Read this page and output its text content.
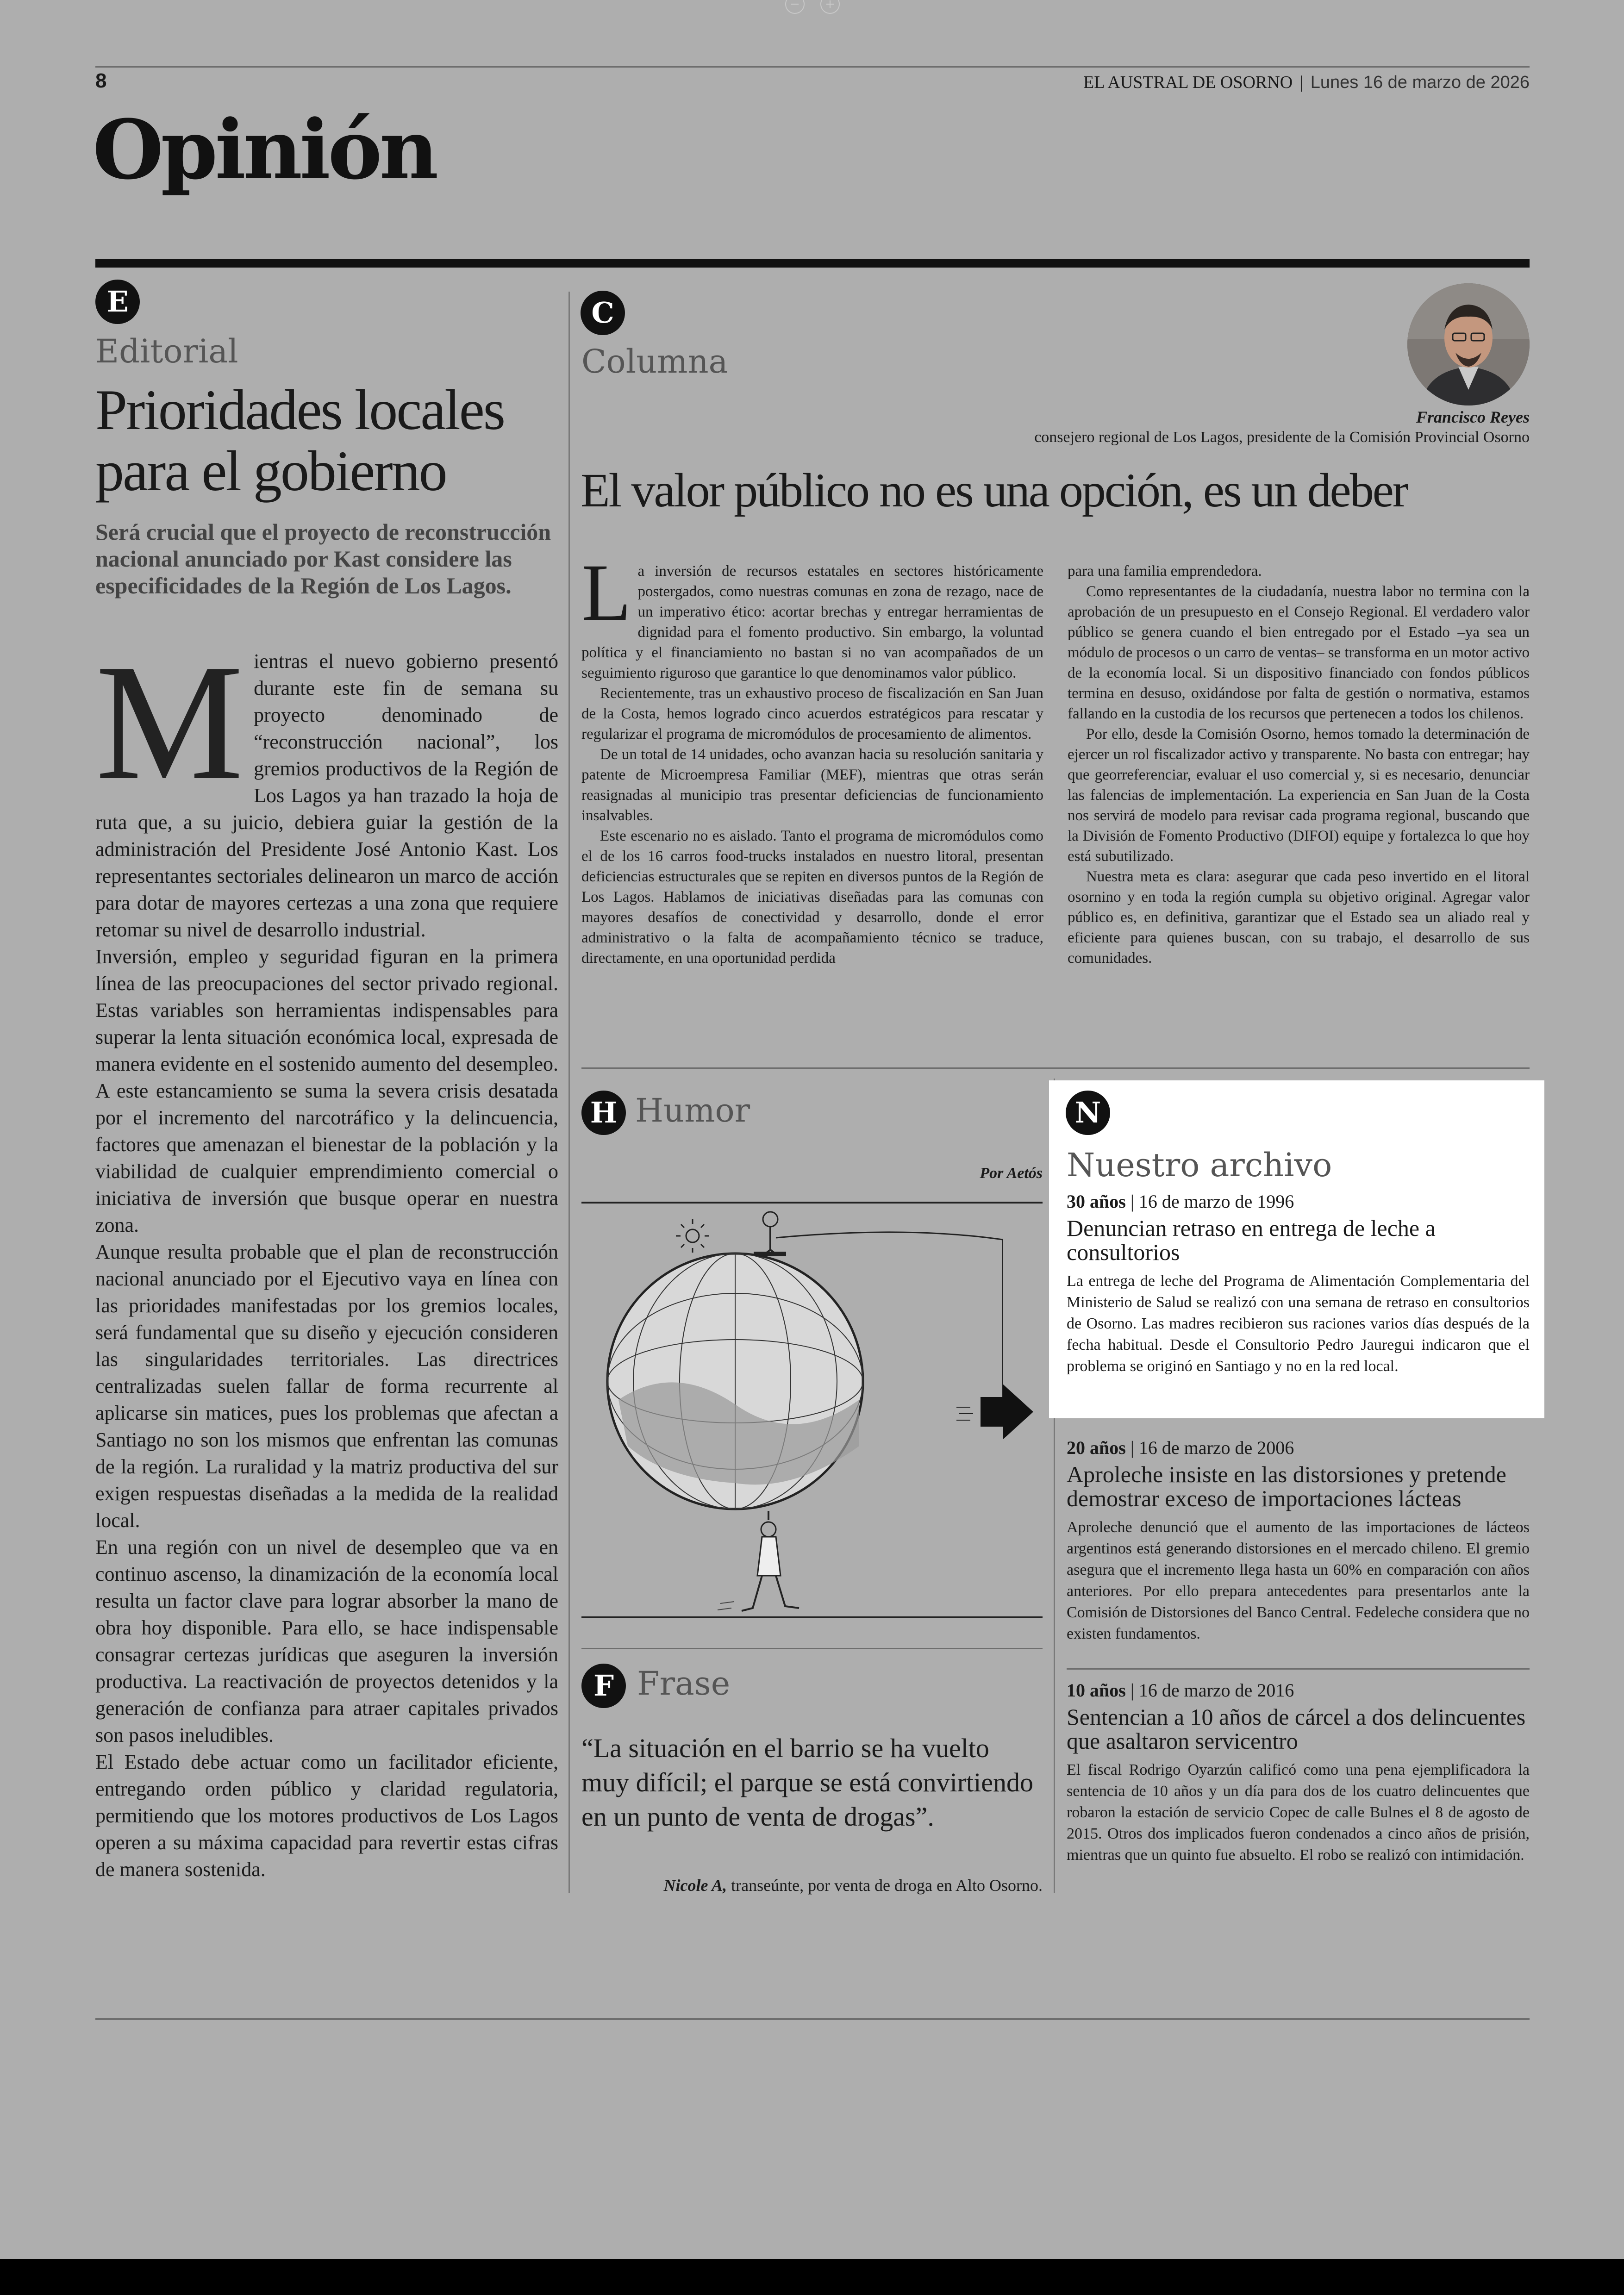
−	+
8	EL AUSTRAL DE OSORNO | Lunes 16 de marzo de 2026
Opinión
E
Editorial
Prioridades locales para el gobierno
Será crucial que el proyecto de reconstrucción nacional anunciado por Kast considere las especificidades de la Región de Los Lagos.
M ientras el nuevo gobierno presentó durante este fin de semana su proyecto denominado de “reconstrucción nacional”, los gremios productivos de la Región de Los Lagos ya han trazado la hoja de ruta que, a su juicio, debiera guiar la gestión de la administración del Presidente José Antonio Kast. Los representantes sectoriales delinearon un marco de acción para dotar de mayores certezas a una zona que requiere retomar su nivel de desarrollo industrial.

Inversión, empleo y seguridad figuran en la primera línea de las preocupaciones del sector privado regional. Estas variables son herramientas indispensables para superar la lenta situación económica local, expresada de manera evidente en el sostenido aumento del desempleo. A este estancamiento se suma la severa crisis desatada por el incremento del narcotráfico y la delincuencia, factores que amenazan el bienestar de la población y la viabilidad de cualquier emprendimiento comercial o iniciativa de inversión que busque operar en nuestra zona.

Aunque resulta probable que el plan de reconstrucción nacional anunciado por el Ejecutivo vaya en línea con las prioridades manifestadas por los gremios locales, será fundamental que su diseño y ejecución consideren las singularidades territoriales. Las directrices centralizadas suelen fallar de forma recurrente al aplicarse sin matices, pues los problemas que afectan a Santiago no son los mismos que enfrentan las comunas de la región. La ruralidad y la matriz productiva del sur exigen respuestas diseñadas a la medida de la realidad local.

En una región con un nivel de desempleo que va en continuo ascenso, la dinamización de la economía local resulta un factor clave para lograr absorber la mano de obra hoy disponible. Para ello, se hace indispensable consagrar certezas jurídicas que aseguren la inversión productiva. La reactivación de proyectos detenidos y la generación de confianza para atraer capitales privados son pasos ineludibles.

El Estado debe actuar como un facilitador eficiente, entregando orden público y claridad regulatoria, permitiendo que los motores productivos de Los Lagos operen a su máxima capacidad para revertir estas cifras de manera sostenida.

C
Columna
Francisco Reyes
consejero regional de Los Lagos, presidente de la Comisión Provincial Osorno
El valor público no es una opción, es un deber
L a inversión de recursos estatales en sectores históricamente postergados, como nuestras comunas en zona de rezago, nace de un imperativo ético: acortar brechas y entregar herramientas de dignidad para el fomento productivo. Sin embargo, la voluntad política y el financiamiento no bastan si no van acompañados de un seguimiento riguroso que garantice lo que denominamos valor público.

Recientemente, tras un exhaustivo proceso de fiscalización en San Juan de la Costa, hemos logrado cinco acuerdos estratégicos para rescatar y regularizar el programa de micromódulos de procesamiento de alimentos.

De un total de 14 unidades, ocho avanzan hacia su resolución sanitaria y patente de Microempresa Familiar (MEF), mientras que otras serán reasignadas al municipio tras presentar deficiencias de funcionamiento insalvables.

Este escenario no es aislado. Tanto el programa de micromódulos como el de los 16 carros food-trucks instalados en nuestro litoral, presentan deficiencias estructurales que se repiten en diversos puntos de la Región de Los Lagos. Hablamos de iniciativas diseñadas para las comunas con mayores desafíos de conectividad y desarrollo, donde el error administrativo o la falta de acompañamiento técnico se traduce, directamente, en una oportunidad perdida

para una familia emprendedora.

Como representantes de la ciudadanía, nuestra labor no termina con la aprobación de un presupuesto en el Consejo Regional. El verdadero valor público se genera cuando el bien entregado por el Estado –ya sea un módulo de procesos o un carro de ventas– se transforma en un motor activo de la economía local. Si un dispositivo financiado con fondos públicos termina en desuso, oxidándose por falta de gestión o normativa, estamos fallando en la custodia de los recursos que pertenecen a todos los chilenos.

Por ello, desde la Comisión Osorno, hemos tomado la determinación de ejercer un rol fiscalizador activo y transparente. No basta con entregar; hay que georreferenciar, evaluar el uso comercial y, si es necesario, denunciar las falencias de implementación. La experiencia en San Juan de la Costa nos servirá de modelo para revisar cada programa regional, buscando que la División de Fomento Productivo (DIFOI) equipe y fortalezca lo que hoy está subutilizado.

Nuestra meta es clara: asegurar que cada peso invertido en el litoral osornino y en toda la región cumpla su objetivo original. Agregar valor público es, en definitiva, garantizar que el Estado sea un aliado real y eficiente para quienes buscan, con su trabajo, el desarrollo de sus comunidades.

H Humor
Por Aetós
F Frase
“La situación en el barrio se ha vuelto muy difícil; el parque se está convirtiendo en un punto de venta de drogas”.
Nicole A, transeúnte, por venta de droga en Alto Osorno.
N
Nuestro archivo

30 años | 16 de marzo de 1996

Denuncian retraso en entrega de leche a consultorios

La entrega de leche del Programa de Alimentación Complementaria del Ministerio de Salud se realizó con una semana de retraso en consultorios de Osorno. Las madres recibieron sus raciones varios días después de la fecha habitual. Desde el Consultorio Pedro Jauregui indicaron que el problema se originó en Santiago y no en la red local.

20 años | 16 de marzo de 2006

Aproleche insiste en las distorsiones y pretende demostrar exceso de importaciones lácteas

Aproleche denunció que el aumento de las importaciones de lácteos argentinos está generando distorsiones en el mercado chileno. El gremio asegura que el incremento llega hasta un 60% en comparación con años anteriores. Por ello prepara antecedentes para presentarlos ante la Comisión de Distorsiones del Banco Central. Fedeleche considera que no existen fundamentos.

10 años | 16 de marzo de 2016

Sentencian a 10 años de cárcel a dos delincuentes que asaltaron servicentro

El fiscal Rodrigo Oyarzún calificó como una pena ejemplificadora la sentencia de 10 años y un día para dos de los cuatro delincuentes que robaron la estación de servicio Copec de calle Bulnes el 8 de agosto de 2015. Otros dos implicados fueron condenados a cinco años de prisión, mientras que un quinto fue absuelto. El robo se realizó con intimidación.
